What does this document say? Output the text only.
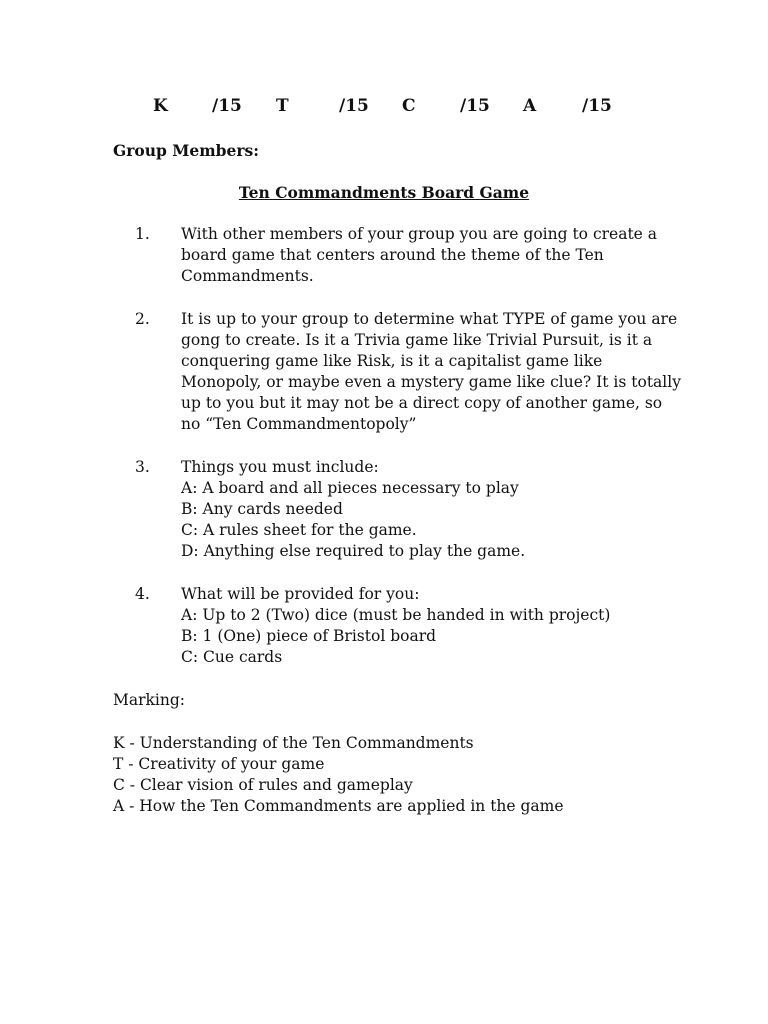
K	/15 T	/15 C	/15 A	/15
Group Members:
Ten Commandments Board Game
1. With other members of your group you are going to create a
board game that centers around the theme of the Ten
Commandments.
2. It is up to your group to determine what TYPE of game you are
gong to create. Is it a Trivia game like Trivial Pursuit, is it a
conquering game like Risk, is it a capitalist game like
Monopoly, or maybe even a mystery game like clue? It is totally
up to you but it may not be a direct copy of another game, so
no “Ten Commandmentopoly”
3. Things you must include:
A: A board and all pieces necessary to play
B: Any cards needed
C: A rules sheet for the game.
D: Anything else required to play the game.
4. What will be provided for you:
A: Up to 2 (Two) dice (must be handed in with project)
B: 1 (One) piece of Bristol board
C: Cue cards
Marking:
K - Understanding of the Ten Commandments
T - Creativity of your game
C - Clear vision of rules and gameplay
A - How the Ten Commandments are applied in the game
